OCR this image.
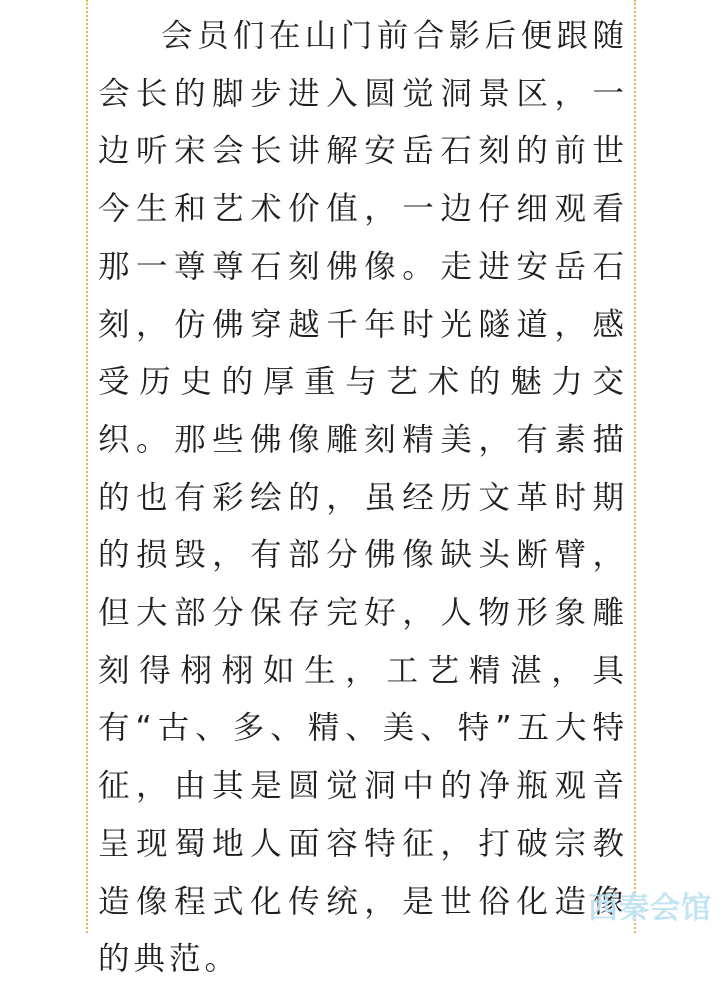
会员们在山门前合影后便跟随会长的脚步进入圆觉洞景区，一边听宋会长讲解安岳石刻的前世今生和艺术价值，一边仔细观看那一尊尊石刻佛像。走进安岳石刻，仿佛穿越千年时光隧道，感受历史的厚重与艺术的魅力交织。那些佛像雕刻精美，有素描的也有彩绘的，虽经历文革时期的损毁，有部分佛像缺头断臂，但大部分保存完好，人物形象雕刻得栩栩如生，工艺精湛，具有“古、多、精、美、特”五大特征，由其是圆觉洞中的净瓶观音呈现蜀地人面容特征，打破宗教造像程式化传统，是世俗化造像的典范。

西秦会馆
